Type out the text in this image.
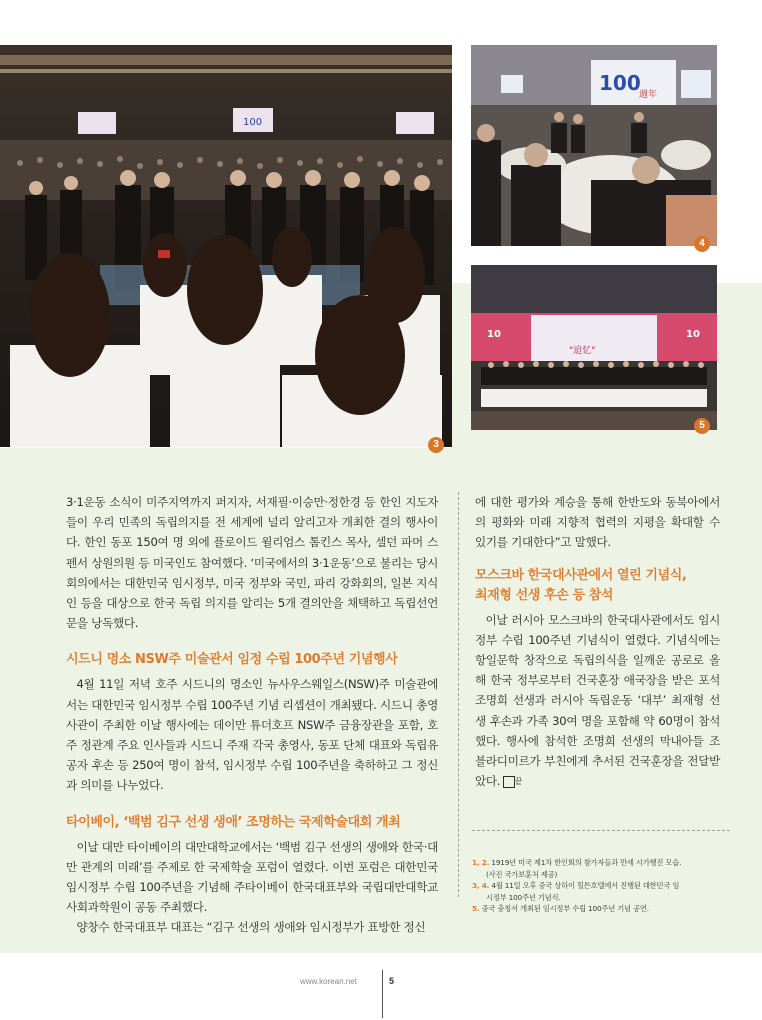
100
100
週年
"追忆"
10	10
3
4
5

3·1운동 소식이 미주지역까지 퍼지자, 서재필·이승만·정한경 등 한인 지도자들이 우리 민족의 독립의지를 전 세계에 널리 알리고자 개최한 결의 행사이다. 한인 동포 150여 명 외에 플로이드 윌리엄스 톰킨스 목사, 셀던 파머 스펜서 상원의원 등 미국인도 참여했다. ‘미국에서의 3·1운동’으로 불리는 당시 회의에서는 대한민국 임시정부, 미국 정부와 국민, 파리 강화회의, 일본 지식인 등을 대상으로 한국 독립 의지를 알리는 5개 결의안을 채택하고 독립선언문을 낭독했다.

시드니 명소 NSW주 미술관서 임정 수립 100주년 기념행사

4월 11일 저녁 호주 시드니의 명소인 뉴사우스웨일스(NSW)주 미술관에서는 대한민국 임시정부 수립 100주년 기념 리셉션이 개최됐다. 시드니 총영사관이 주최한 이날 행사에는 데이만 튜더호프 NSW주 금융장관을 포함, 호주 정관계 주요 인사들과 시드니 주재 각국 총영사, 동포 단체 대표와 독립유공자 후손 등 250여 명이 참석, 임시정부 수립 100주년을 축하하고 그 정신과 의미를 나누었다.

타이베이, ‘백범 김구 선생 생애’ 조명하는 국제학술대회 개최

이날 대만 타이베이의 대만대학교에서는 ‘백범 김구 선생의 생애와 한국·대만 관계의 미래’를 주제로 한 국제학술 포럼이 열렸다. 이번 포럼은 대한민국 임시정부 수립 100주년을 기념해 주타이베이 한국대표부와 국립대만대학교 사회과학원이 공동 주최했다.

양창수 한국대표부 대표는 “김구 선생의 생애와 임시정부가 표방한 정신

에 대한 평가와 계승을 통해 한반도와 동북아에서의 평화와 미래 지향적 협력의 지평을 확대할 수 있기를 기대한다”고 말했다.

모스크바 한국대사관에서 열린 기념식,
최재형 선생 후손 등 참석

이날 러시아 모스크바의 한국대사관에서도 임시정부 수립 100주년 기념식이 열렸다. 기념식에는 항일문학 창작으로 독립의식을 일깨운 공로로 올해 한국 정부로부터 건국훈장 애국장을 받은 포석 조명희 선생과 러시아 독립운동 ‘대부’ 최재형 선생 후손과 가족 30여 명을 포함해 약 60명이 참석했다. 행사에 참석한 조명희 선생의 막내아들 조 블라디미르가 부친에게 추서된 건국훈장을 전달받았다. 끝

1, 2. 1919년 미국 제1차 한인회의 참가자들과 만세 시가행진 모습.
(사진 국가보훈처 제공)
3, 4. 4월 11일 오후 중국 상하이 힐튼호텔에서 진행된 대한민국 임
시정부 100주년 기념식.
5. 중국 충칭서 개최된 임시정부 수립 100주년 기념 공연.
www.korean.net	5
